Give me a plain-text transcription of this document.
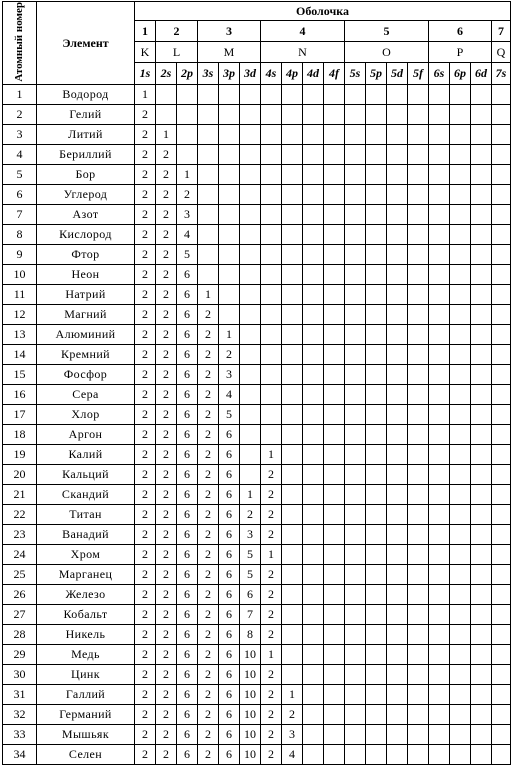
Атомный номер	Элемент	Оболочка																	
		1	2		3			4				5				6			7
		K	L		M			N				O				P			Q
		1s	2s	2p	3s	3p	3d	4s	4p	4d	4f	5s	5p	5d	5f	6s	6p	6d	7s
1	Водород	1																	
2	Гелий	2																	
3	Литий	2	1																
4	Бериллий	2	2																
5	Бор	2	2	1															
6	Углерод	2	2	2															
7	Азот	2	2	3															
8	Кислород	2	2	4															
9	Фтор	2	2	5															
10	Неон	2	2	6															
11	Натрий	2	2	6	1														
12	Магний	2	2	6	2														
13	Алюминий	2	2	6	2	1													
14	Кремний	2	2	6	2	2													
15	Фосфор	2	2	6	2	3													
16	Сера	2	2	6	2	4													
17	Хлор	2	2	6	2	5													
18	Аргон	2	2	6	2	6													
19	Калий	2	2	6	2	6		1											
20	Кальций	2	2	6	2	6		2											
21	Скандий	2	2	6	2	6	1	2											
22	Титан	2	2	6	2	6	2	2											
23	Ванадий	2	2	6	2	6	3	2											
24	Хром	2	2	6	2	6	5	1											
25	Марганец	2	2	6	2	6	5	2											
26	Железо	2	2	6	2	6	6	2											
27	Кобальт	2	2	6	2	6	7	2											
28	Никель	2	2	6	2	6	8	2											
29	Медь	2	2	6	2	6	10	1											
30	Цинк	2	2	6	2	6	10	2											
31	Галлий	2	2	6	2	6	10	2	1										
32	Германий	2	2	6	2	6	10	2	2										
33	Мышьяк	2	2	6	2	6	10	2	3										
34	Селен	2	2	6	2	6	10	2	4										
